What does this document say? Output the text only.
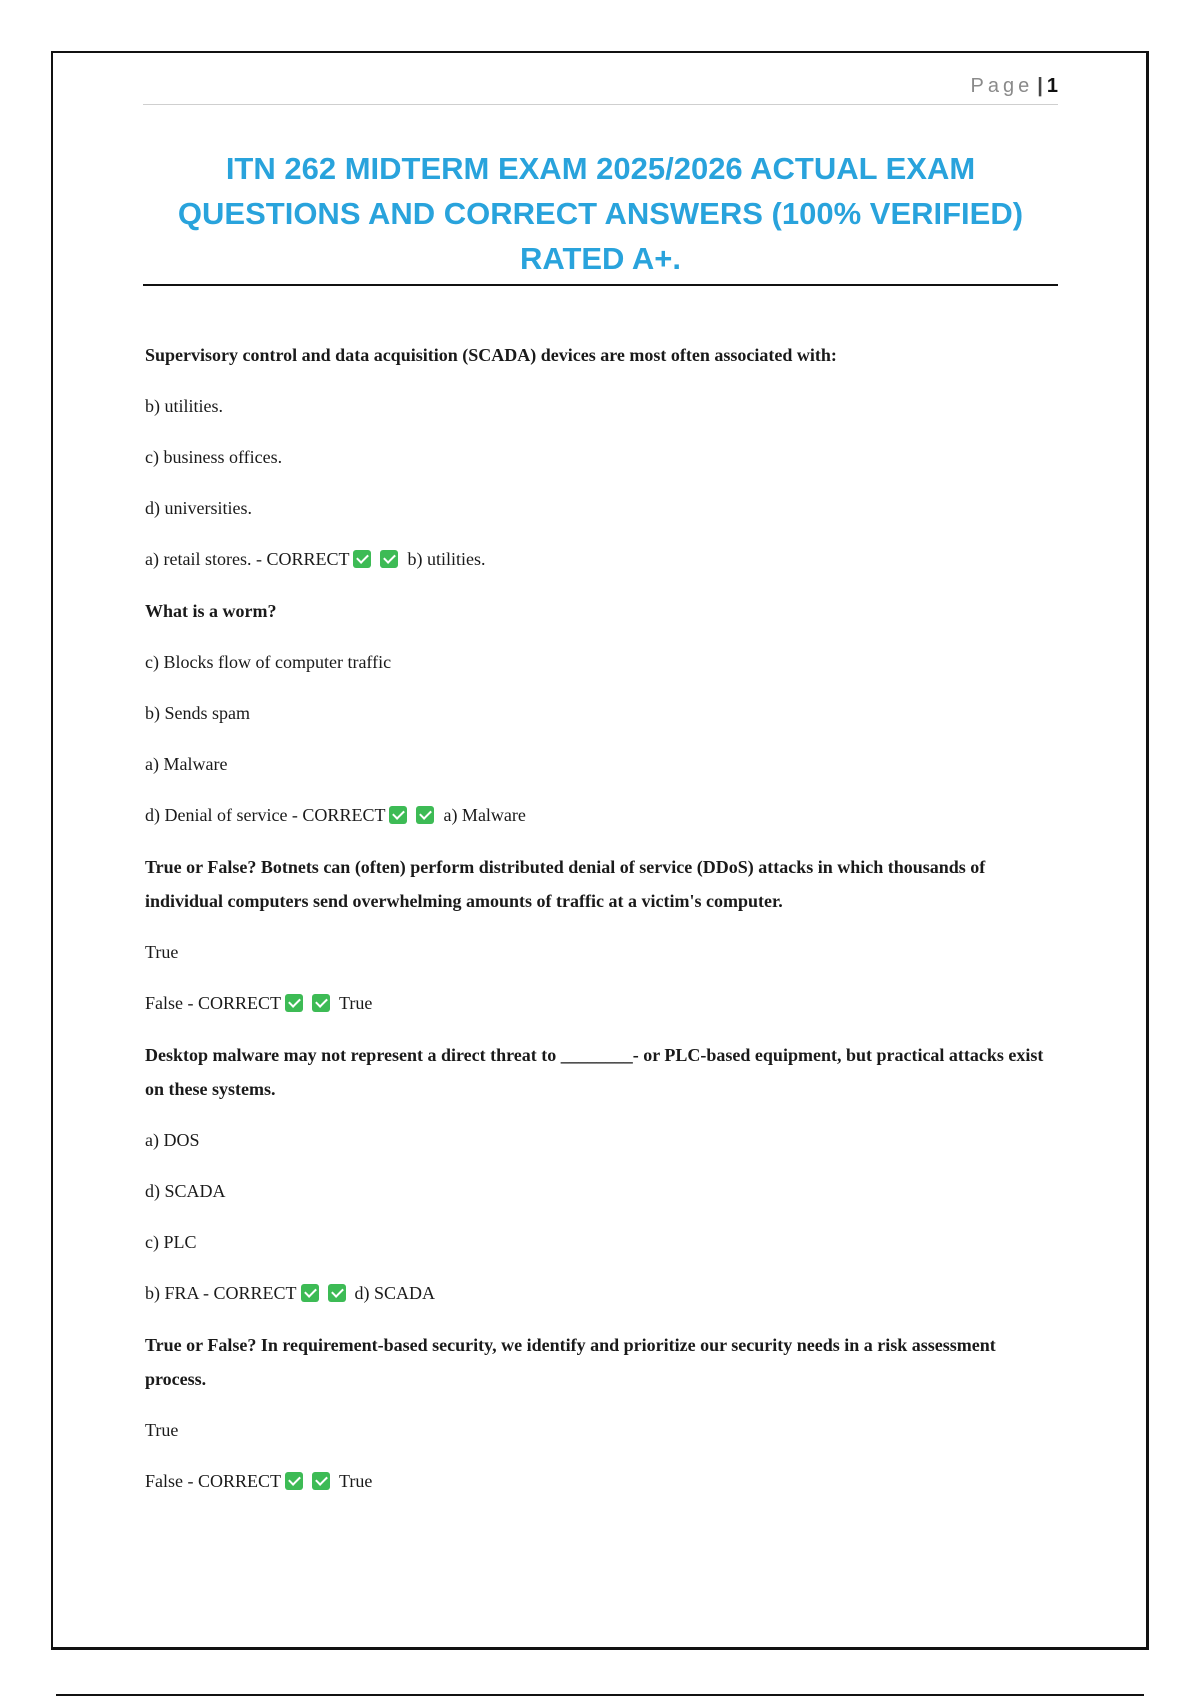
Page | 1
ITN 262 MIDTERM EXAM 2025/2026 ACTUAL EXAM QUESTIONS AND CORRECT ANSWERS (100% VERIFIED) RATED A+.
Supervisory control and data acquisition (SCADA) devices are most often associated with:
b) utilities.
c) business offices.
d) universities.
a) retail stores. - CORRECT	b) utilities.
What is a worm?
c) Blocks flow of computer traffic
b) Sends spam
a) Malware
d) Denial of service - CORRECT	a) Malware
True or False? Botnets can (often) perform distributed denial of service (DDoS) attacks in which thousands of individual computers send overwhelming amounts of traffic at a victim's computer.
True
False - CORRECT	True
Desktop malware may not represent a direct threat to ________- or PLC-based equipment, but practical attacks exist on these systems.
a) DOS
d) SCADA
c) PLC
b) FRA - CORRECT	d) SCADA
True or False? In requirement-based security, we identify and prioritize our security needs in a risk assessment process.
True
False - CORRECT	True
